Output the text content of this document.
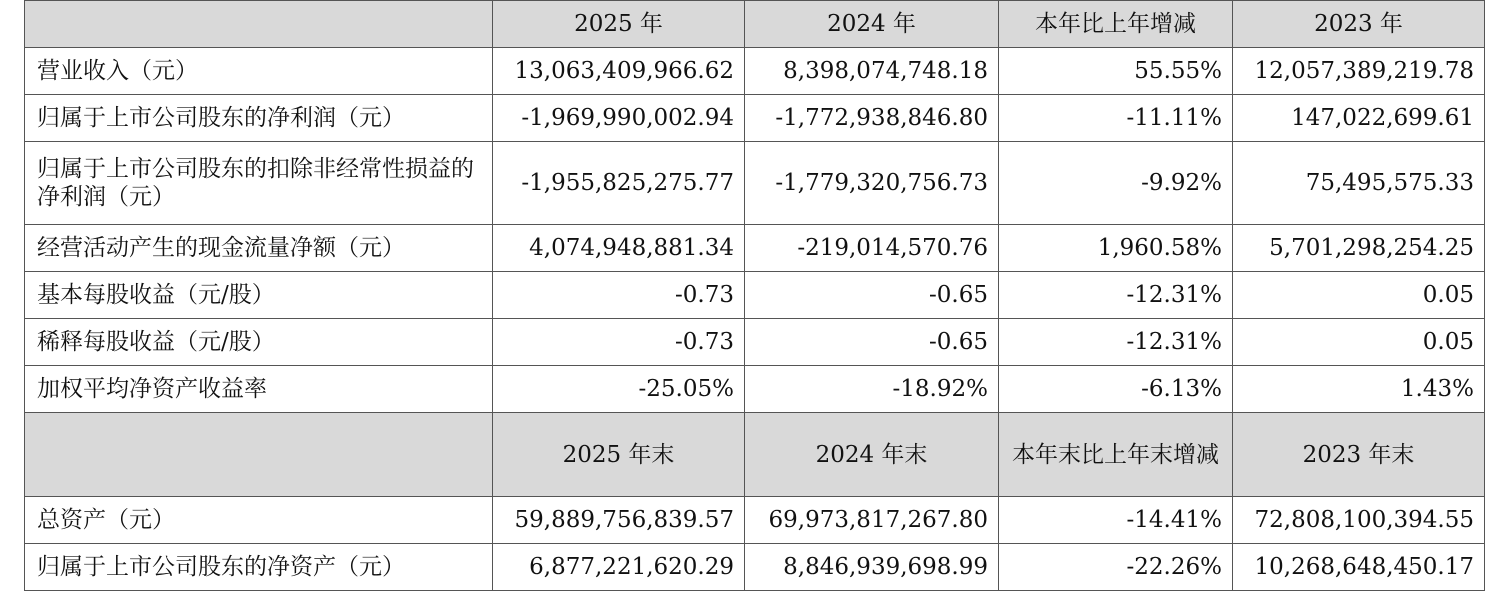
	2025 年	2024 年	本年比上年增减	2023 年
营业收入（元）	13,063,409,966.62	8,398,074,748.18	55.55%	12,057,389,219.78
归属于上市公司股东的净利润（元）	-1,969,990,002.94	-1,772,938,846.80	-11.11%	147,022,699.61
归属于上市公司股东的扣除非经常性损益的净利润（元）	-1,955,825,275.77	-1,779,320,756.73	-9.92%	75,495,575.33
经营活动产生的现金流量净额（元）	4,074,948,881.34	-219,014,570.76	1,960.58%	5,701,298,254.25
基本每股收益（元/股）	-0.73	-0.65	-12.31%	0.05
稀释每股收益（元/股）	-0.73	-0.65	-12.31%	0.05
加权平均净资产收益率	-25.05%	-18.92%	-6.13%	1.43%
	2025 年末	2024 年末	本年末比上年末增减	2023 年末
总资产（元）	59,889,756,839.57	69,973,817,267.80	-14.41%	72,808,100,394.55
归属于上市公司股东的净资产（元）	6,877,221,620.29	8,846,939,698.99	-22.26%	10,268,648,450.17
